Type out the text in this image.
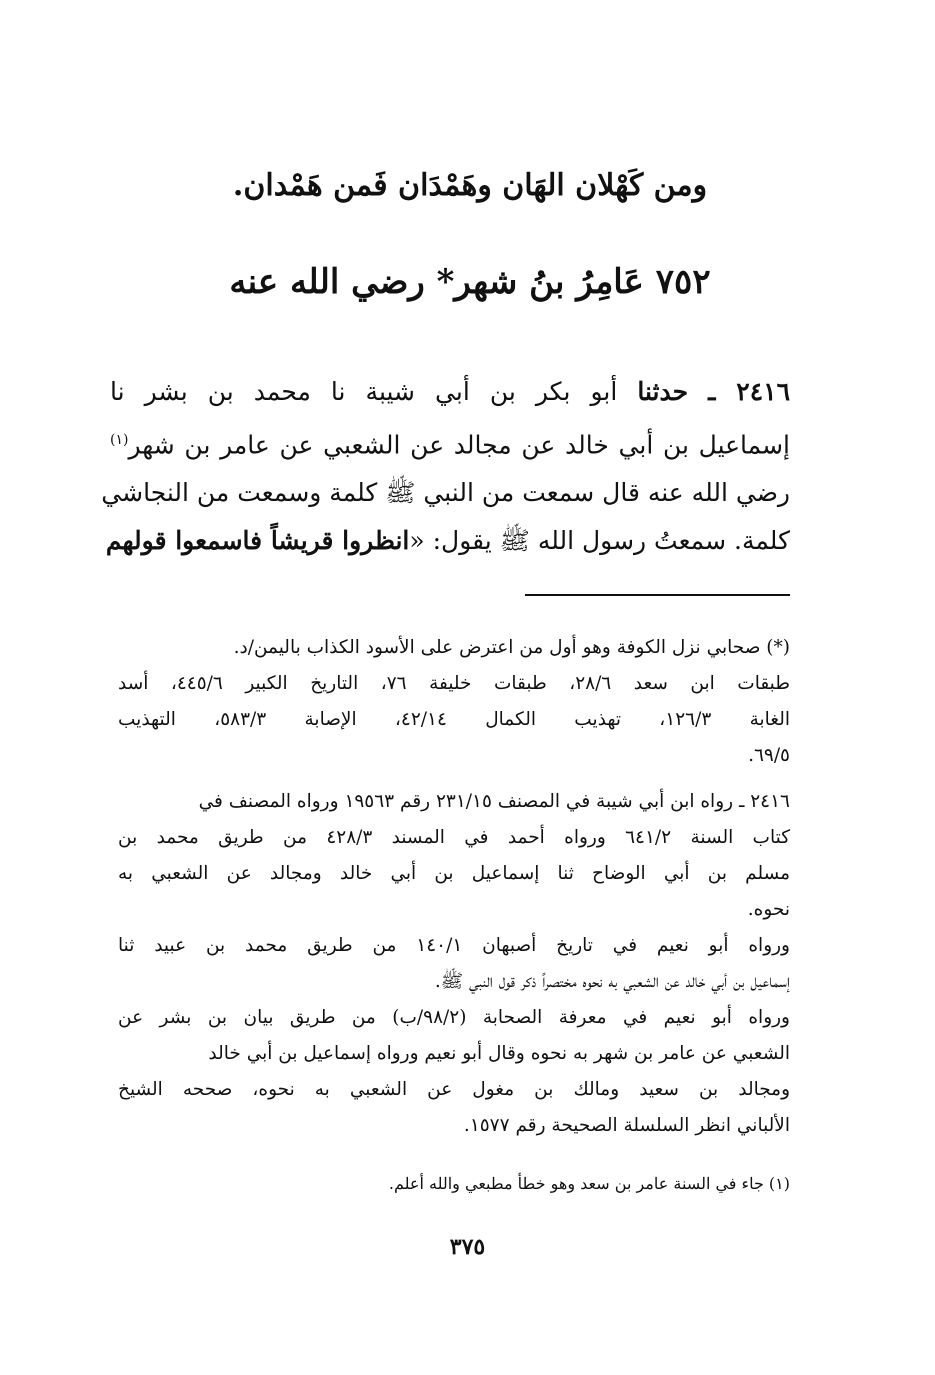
ومن كَهْلان الهَان وهَمْدَان فَمن هَمْدان.
٧٥٢ عَامِرُ بنُ شهر* رضي الله عنه
٢٤١٦ ـ حدثنا أبو بكر بن أبي شيبة نا محمد بن بشر نا
إسماعيل بن أبي خالد عن مجالد عن الشعبي عن عامر بن شهر$^{(١)}$
رضي الله عنه قال سمعت من النبي ﷺ كلمة وسمعت من النجاشي
كلمة. سمعتُ رسول الله ﷺ يقول: «انظروا قريشاً فاسمعوا قولهم
(*) صحابي نزل الكوفة وهو أول من اعترض على الأسود الكذاب باليمن/د.
طبقات ابن سعد ٢٨/٦، طبقات خليفة ٧٦، التاريخ الكبير ٤٤٥/٦، أسد
الغابة ١٢٦/٣، تهذيب الكمال ٤٢/١٤، الإصابة ٥٨٣/٣، التهذيب
٦٩/٥.
٢٤١٦ ـ رواه ابن أبي شيبة في المصنف ٢٣١/١٥ رقم ١٩٥٦٣ ورواه المصنف في
كتاب السنة ٦٤١/٢ ورواه أحمد في المسند ٤٢٨/٣ من طريق محمد بن
مسلم بن أبي الوضاح ثنا إسماعيل بن أبي خالد ومجالد عن الشعبي به
نحوه.
ورواه أبو نعيم في تاريخ أصبهان ١٤٠/١ من طريق محمد بن عبيد ثنا
إسماعيل بن أبي خالد عن الشعبي به نحوه مختصراً ذكر قول النبي ﷺ.
ورواه أبو نعيم في معرفة الصحابة (٩٨/٢/ب) من طريق بيان بن بشر عن
الشعبي عن عامر بن شهر به نحوه وقال أبو نعيم ورواه إسماعيل بن أبي خالد
ومجالد بن سعيد ومالك بن مغول عن الشعبي به نحوه، صححه الشيخ
الألباني انظر السلسلة الصحيحة رقم ١٥٧٧.
(١) جاء في السنة عامر بن سعد وهو خطأ مطبعي والله أعلم.
٣٧٥
